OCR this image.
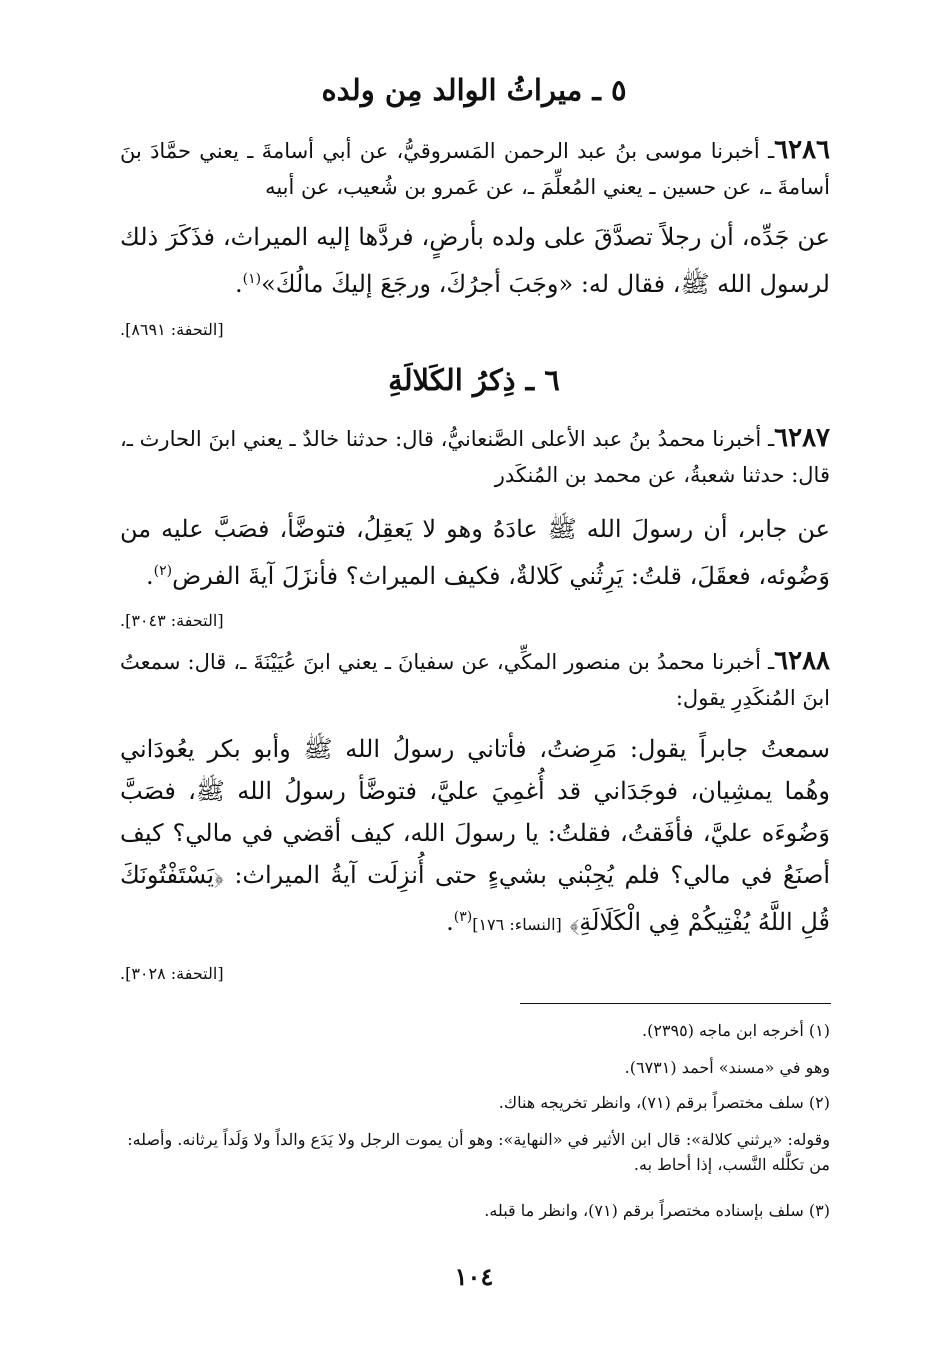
٥ ـ ميراثُ الوالد مِن ولده
٦٢٨٦ـ أخبرنا موسى بنُ عبد الرحمن المَسروقيُّ، عن أبي أسامةَ ـ يعني حمَّادَ بنَ أسامةَ ـ، عن حسين ـ يعني المُعلِّمَ ـ، عن عَمرو بن شُعيب، عن أبيه
عن جَدِّه، أن رجلاً تصدَّقَ على ولده بأرضٍ، فردَّها إليه الميراث، فذَكَرَ ذلك لرسول الله ﷺ، فقال له: «وجَبَ أجرُكَ، ورجَعَ إليكَ مالُكَ»$^{(١)}$.
[التحفة: ٨٦٩١].
٦ ـ ذِكرُ الكَلالَةِ
٦٢٨٧ـ أخبرنا محمدُ بنُ عبد الأعلى الصَّنعانيُّ، قال: حدثنا خالدٌ ـ يعني ابنَ الحارث ـ، قال: حدثنا شعبةُ، عن محمد بن المُنكَدر
عن جابر، أن رسولَ الله ﷺ عادَهُ وهو لا يَعقِلُ، فتوضَّأ، فصَبَّ عليه من وَضُوئه، فعقَلَ، قلتُ: يَرِثُني كَلالةٌ، فكيف الميراث؟ فأنزَلَ آيةَ الفرض$^{(٢)}$.
[التحفة: ٣٠٤٣].
٦٢٨٨ـ أخبرنا محمدُ بن منصور المكِّي، عن سفيانَ ـ يعني ابنَ عُيَيْنَةَ ـ، قال: سمعتُ ابنَ المُنكَدِرِ يقول:
سمعتُ جابراً يقول: مَرِضتُ، فأتاني رسولُ الله ﷺ وأبو بكر يعُودَاني وهُما يمشِيان، فوجَدَاني قد أُغمِيَ عليَّ، فتوضَّأ رسولُ الله ﷺ، فصَبَّ وَضُوءَه عليَّ، فأفَقتُ، فقلتُ: يا رسولَ الله، كيف أقضي في مالي؟ كيف أصنَعُ في مالي؟ فلم يُجِبْني بشيءٍ حتى أُنزِلَت آيةُ الميراث: ﴿يَسْتَفْتُونَكَ قُلِ اللَّهُ يُفْتِيكُمْ فِي الْكَلَالَةِ﴾ [النساء: ١٧٦]$^{(٣)}$.
[التحفة: ٣٠٢٨].
(١) أخرجه ابن ماجه (٢٣٩٥).
وهو في «مسند» أحمد (٦٧٣١).
(٢) سلف مختصراً برقم (٧١)، وانظر تخريجه هناك.
وقوله: «يرثني كلالة»: قال ابن الأثير في «النهاية»: وهو أن يموت الرجل ولا يَدَع والداً ولا وَلَداً يرثانه. وأصله: من تكلَّله النَّسب، إذا أحاط به.
(٣) سلف بإسناده مختصراً برقم (٧١)، وانظر ما قبله.
١٠٤
